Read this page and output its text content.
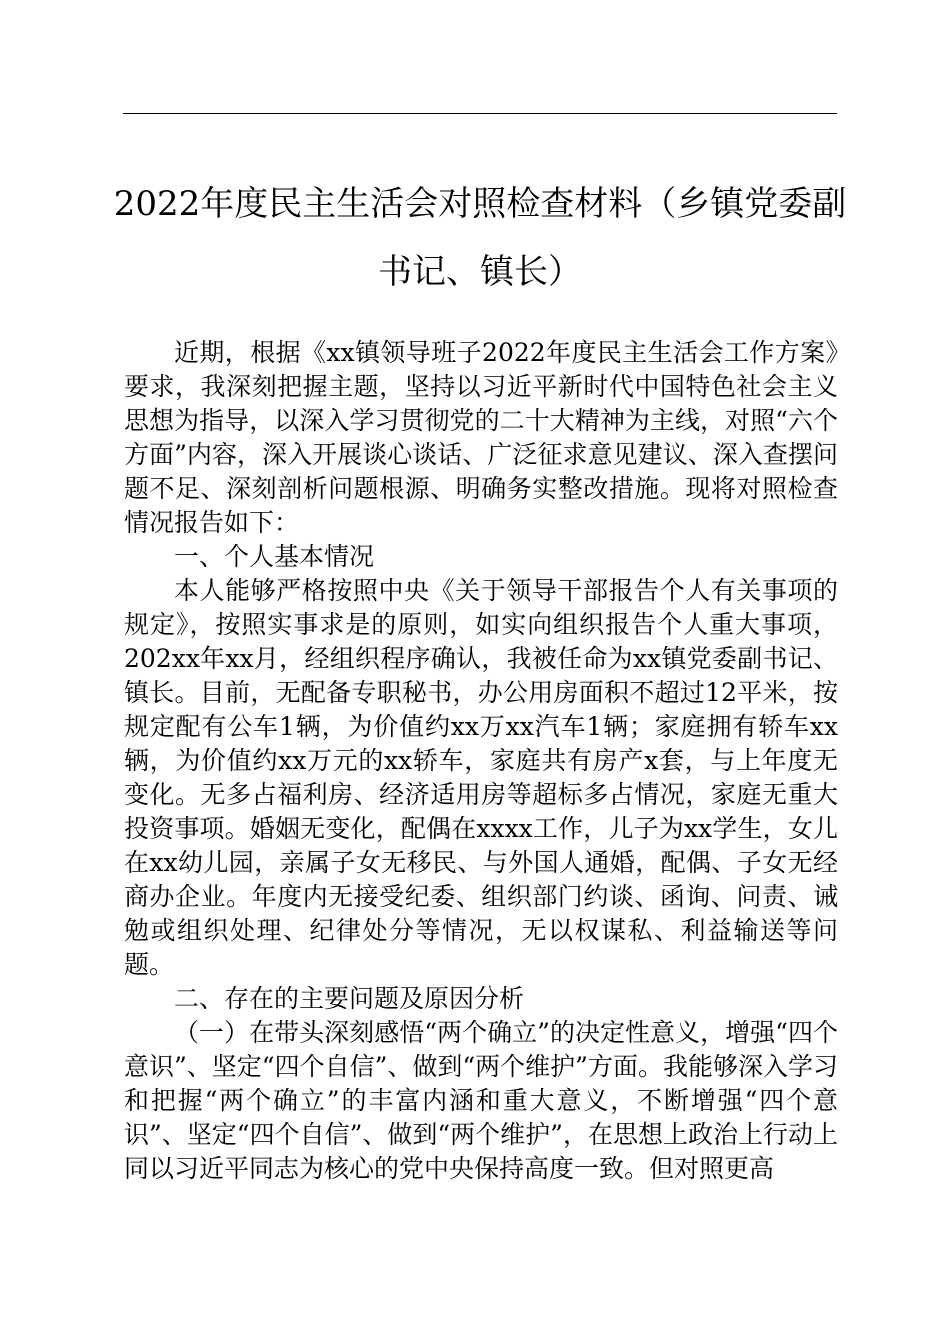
2022年度民主生活会对照检查材料（乡镇党委副书记、镇长）

近期，根据《xx镇领导班子2022年度民主生活会工作方案》要求，我深刻把握主题，坚持以习近平新时代中国特色社会主义思想为指导，以深入学习贯彻党的二十大精神为主线，对照“六个方面”内容，深入开展谈心谈话、广泛征求意见建议、深入查摆问题不足、深刻剖析问题根源、明确务实整改措施。现将对照检查情况报告如下：

一、个人基本情况

本人能够严格按照中央《关于领导干部报告个人有关事项的规定》，按照实事求是的原则，如实向组织报告个人重大事项，202xx年xx月，经组织程序确认，我被任命为xx镇党委副书记、镇长。目前，无配备专职秘书，办公用房面积不超过12平米，按规定配有公车1辆，为价值约xx万xx汽车1辆；家庭拥有轿车xx辆，为价值约xx万元的xx轿车，家庭共有房产x套，与上年度无变化。无多占福利房、经济适用房等超标多占情况，家庭无重大投资事项。婚姻无变化，配偶在xxxx工作，儿子为xx学生，女儿在xx幼儿园，亲属子女无移民、与外国人通婚，配偶、子女无经商办企业。年度内无接受纪委、组织部门约谈、函询、问责、诫勉或组织处理、纪律处分等情况，无以权谋私、利益输送等问题。

二、存在的主要问题及原因分析

（一）在带头深刻感悟“两个确立”的决定性意义，增强“四个意识”、坚定“四个自信”、做到“两个维护”方面。我能够深入学习和把握“两个确立”的丰富内涵和重大意义，不断增强“四个意识”、坚定“四个自信”、做到“两个维护”，在思想上政治上行动上同以习近平同志为核心的党中央保持高度一致。但对照更高
